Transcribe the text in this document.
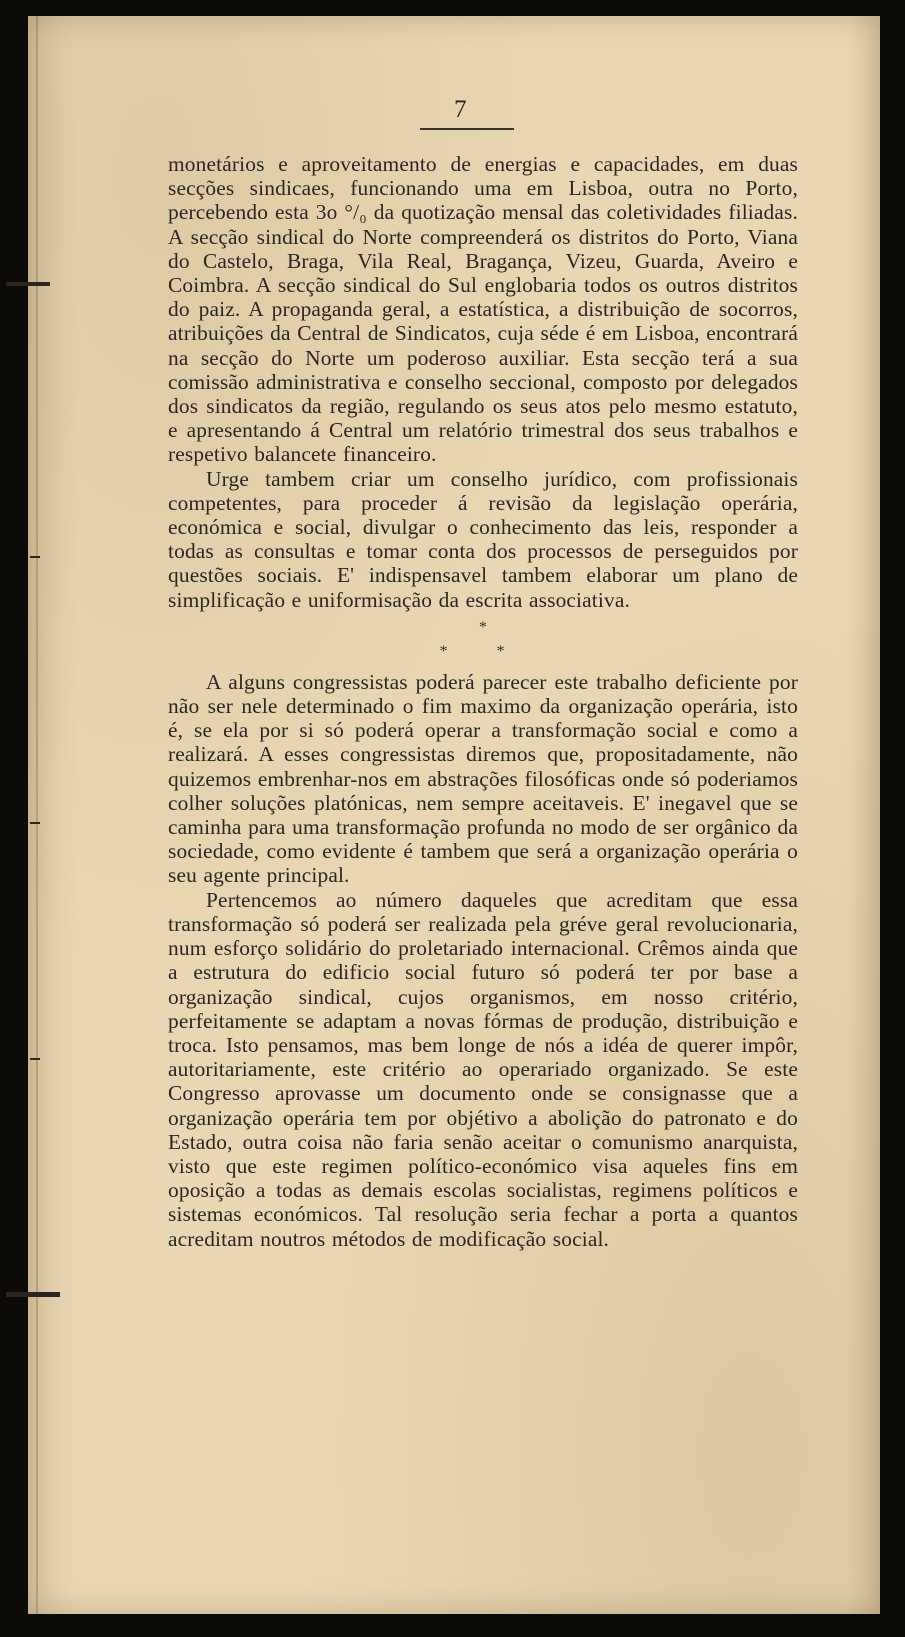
7

monetários e aproveitamento de energias e capacidades, em duas secções sindicaes, funcionando uma em Lisboa, outra no Porto, percebendo esta 3o °/₀ da quotização mensal das coletividades filiadas. A secção sindical do Norte compreenderá os distritos do Porto, Viana do Castelo, Braga, Vila Real, Bragança, Vizeu, Guarda, Aveiro e Coimbra. A secção sindical do Sul englobaria todos os outros distritos do paiz. A propaganda geral, a estatística, a distribuição de socorros, atribuições da Central de Sindicatos, cuja séde é em Lisboa, encontrará na secção do Norte um poderoso auxiliar. Esta secção terá a sua comissão administrativa e conselho seccional, composto por delegados dos sindicatos da região, regulando os seus atos pelo mesmo estatuto, e apresentando á Central um relatório trimestral dos seus trabalhos e respetivo balancete financeiro.

Urge tambem criar um conselho jurídico, com profissionais competentes, para proceder á revisão da legislação operária, económica e social, divulgar o conhecimento das leis, responder a todas as consultas e tomar conta dos processos de perseguidos por questões sociais. E' indispensavel tambem elaborar um plano de simplificação e uniformisação da escrita associativa.

*
* *

A alguns congressistas poderá parecer este trabalho deficiente por não ser nele determinado o fim maximo da organização operária, isto é, se ela por si só poderá operar a transformação social e como a realizará. A esses congressistas diremos que, propositadamente, não quizemos embrenhar-nos em abstrações filosóficas onde só poderiamos colher soluções platónicas, nem sempre aceitaveis. E' inegavel que se caminha para uma transformação profunda no modo de ser orgânico da sociedade, como evidente é tambem que será a organização operária o seu agente principal.

Pertencemos ao número daqueles que acreditam que essa transformação só poderá ser realizada pela gréve geral revolucionaria, num esforço solidário do proletariado internacional. Crêmos ainda que a estrutura do edificio social futuro só poderá ter por base a organização sindical, cujos organismos, em nosso critério, perfeitamente se adaptam a novas fórmas de produção, distribuição e troca. Isto pensamos, mas bem longe de nós a idéa de querer impôr, autoritariamente, este critério ao operariado organizado. Se este Congresso aprovasse um documento onde se consignasse que a organização operária tem por objétivo a abolição do patronato e do Estado, outra coisa não faria senão aceitar o comunismo anarquista, visto que este regimen político-económico visa aqueles fins em oposição a todas as demais escolas socialistas, regimens políticos e sistemas económicos. Tal resolução seria fechar a porta a quantos acreditam noutros métodos de modificação social.
